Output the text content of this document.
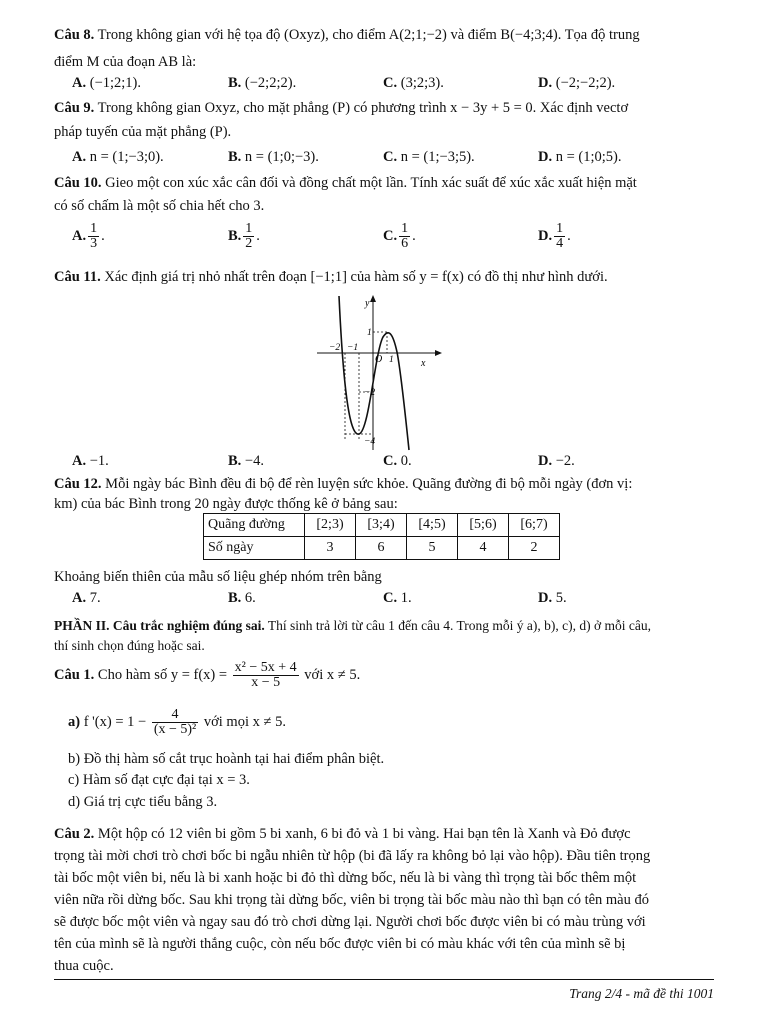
Câu 8. Trong không gian với hệ tọa độ (Oxyz), cho điểm A(2;1;−2) và điểm B(−4;3;4). Tọa độ trung
điểm M của đoạn AB là:
A. (−1;2;1).	B. (−2;2;2).	C. (3;2;3).	D. (−2;−2;2).
Câu 9. Trong không gian Oxyz, cho mặt phẳng (P) có phương trình x − 3y + 5 = 0. Xác định vectơ
pháp tuyến của mặt phẳng (P).
A. n = (1;−3;0).	B. n = (1;0;−3).	C. n = (1;−3;5).	D. n = (1;0;5).
Câu 10. Gieo một con xúc xắc cân đối và đồng chất một lần. Tính xác suất để xúc xắc xuất hiện mặt
có số chấm là một số chia hết cho 3.
A. $\frac{1}{3}$ .	B. $\frac{1}{2}$ .	C. $\frac{1}{6}$ .	D. $\frac{1}{4}$ .
Câu 11. Xác định giá trị nhỏ nhất trên đoạn [−1;1] của hàm số y = f(x) có đồ thị như hình dưới.
y
x
O
−2 −1
1
1
−2
−4
A. −1.	B. −4.	C. 0.	D. −2.
Câu 12. Mỗi ngày bác Bình đều đi bộ để rèn luyện sức khỏe. Quãng đường đi bộ mỗi ngày (đơn vị:
km) của bác Bình trong 20 ngày được thống kê ở bảng sau:
Quãng đường	[2;3)	[3;4)	[4;5)	[5;6)	[6;7)
Số ngày	3	6	5	4	2
Khoảng biến thiên của mẫu số liệu ghép nhóm trên bằng
A. 7.	B. 6.	C. 1.	D. 5.
PHẦN II. Câu trắc nghiệm đúng sai. Thí sinh trả lời từ câu 1 đến câu 4. Trong mỗi ý a), b), c), d) ở mỗi câu,
thí sinh chọn đúng hoặc sai.
Câu 1. Cho hàm số $y = f(x) = \frac{\text{x² − 5x + 4}}{x - 5}$ với x ≠ 5.
a) f '$(x) = 1 - \frac{4}{\text{(x − 5)²}}$ với mọi x ≠ 5.
b) Đồ thị hàm số cắt trục hoành tại hai điểm phân biệt.
c) Hàm số đạt cực đại tại x = 3.
d) Giá trị cực tiểu bằng 3.
Câu 2. Một hộp có 12 viên bi gồm 5 bi xanh, 6 bi đỏ và 1 bi vàng. Hai bạn tên là Xanh và Đỏ được
trọng tài mời chơi trò chơi bốc bi ngẫu nhiên từ hộp (bi đã lấy ra không bỏ lại vào hộp). Đầu tiên trọng
tài bốc một viên bi, nếu là bi xanh hoặc bi đỏ thì dừng bốc, nếu là bi vàng thì trọng tài bốc thêm một
viên nữa rồi dừng bốc. Sau khi trọng tài dừng bốc, viên bi trọng tài bốc màu nào thì bạn có tên màu đó
sẽ được bốc một viên và ngay sau đó trò chơi dừng lại. Người chơi bốc được viên bi có màu trùng với
tên của mình sẽ là người thắng cuộc, còn nếu bốc được viên bi có màu khác với tên của mình sẽ bị
thua cuộc.
Trang 2/4 - mã đề thi 1001
